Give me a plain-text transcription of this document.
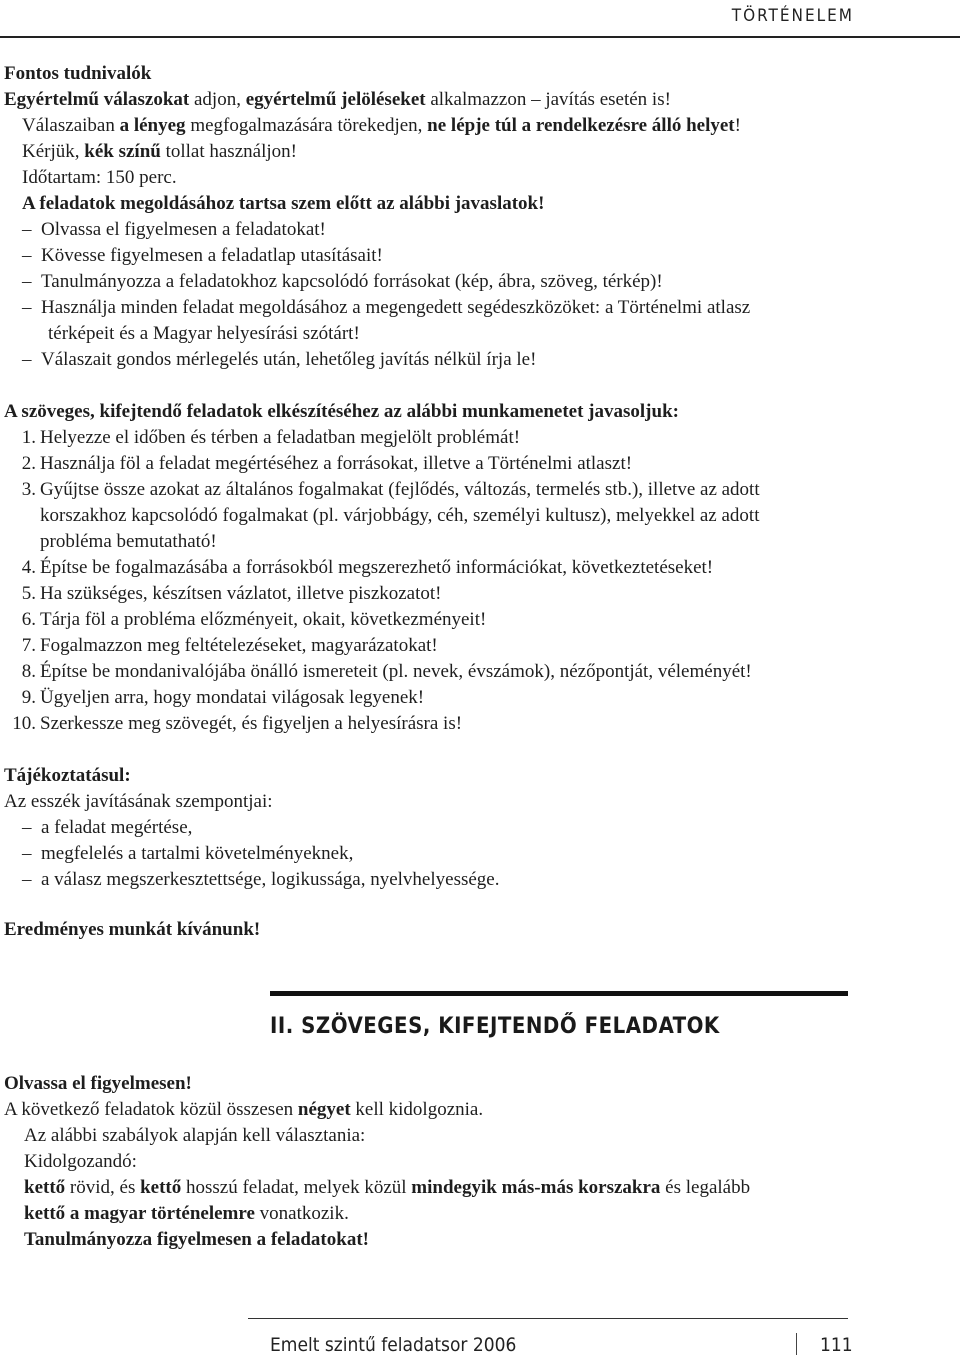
TÖRTÉNELEM
Fontos tudnivalók
Egyértelmű válaszokat adjon, egyértelmű jelöléseket alkalmazzon – javítás esetén is!
Válaszaiban a lényeg megfogalmazására törekedjen, ne lépje túl a rendelkezésre álló helyet!
Kérjük, kék színű tollat használjon!
Időtartam: 150 perc.
A feladatok megoldásához tartsa szem előtt az alábbi javaslatok!
–  Olvassa el figyelmesen a feladatokat!
–  Kövesse figyelmesen a feladatlap utasításait!
–  Tanulmányozza a feladatokhoz kapcsolódó forrásokat (kép, ábra, szöveg, térkép)!
–  Használja minden feladat megoldásához a megengedett segédeszközöket: a Történelmi atlasz
térképeit és a Magyar helyesírási szótárt!
–  Válaszait gondos mérlegelés után, lehetőleg javítás nélkül írja le!
A szöveges, kifejtendő feladatok elkészítéséhez az alábbi munkamenetet javasoljuk:
1. Helyezze el időben és térben a feladatban megjelölt problémát!
2. Használja föl a feladat megértéséhez a forrásokat, illetve a Történelmi atlaszt!
3. Gyűjtse össze azokat az általános fogalmakat (fejlődés, változás, termelés stb.), illetve az adott
korszakhoz kapcsolódó fogalmakat (pl. várjobbágy, céh, személyi kultusz), melyekkel az adott
probléma bemutatható!
4. Építse be fogalmazásába a forrásokból megszerezhető információkat, következtetéseket!
5. Ha szükséges, készítsen vázlatot, illetve piszkozatot!
6. Tárja föl a probléma előzményeit, okait, következményeit!
7. Fogalmazzon meg feltételezéseket, magyarázatokat!
8. Építse be mondanivalójába önálló ismereteit (pl. nevek, évszámok), nézőpontját, véleményét!
9. Ügyeljen arra, hogy mondatai világosak legyenek!
10. Szerkessze meg szövegét, és figyeljen a helyesírásra is!
Tájékoztatásul:
Az esszék javításának szempontjai:
–  a feladat megértése,
–  megfelelés a tartalmi követelményeknek,
–  a válasz megszerkesztettsége, logikussága, nyelvhelyessége.
Eredményes munkát kívánunk!
II. SZÖVEGES, KIFEJTENDŐ FELADATOK
Olvassa el figyelmesen!
A következő feladatok közül összesen négyet kell kidolgoznia.
Az alábbi szabályok alapján kell választania:
Kidolgozandó:
kettő rövid, és kettő hosszú feladat, melyek közül mindegyik más-más korszakra és legalább
kettő a magyar történelemre vonatkozik.
Tanulmányozza figyelmesen a feladatokat!
Emelt szintű feladatsor 2006	111
